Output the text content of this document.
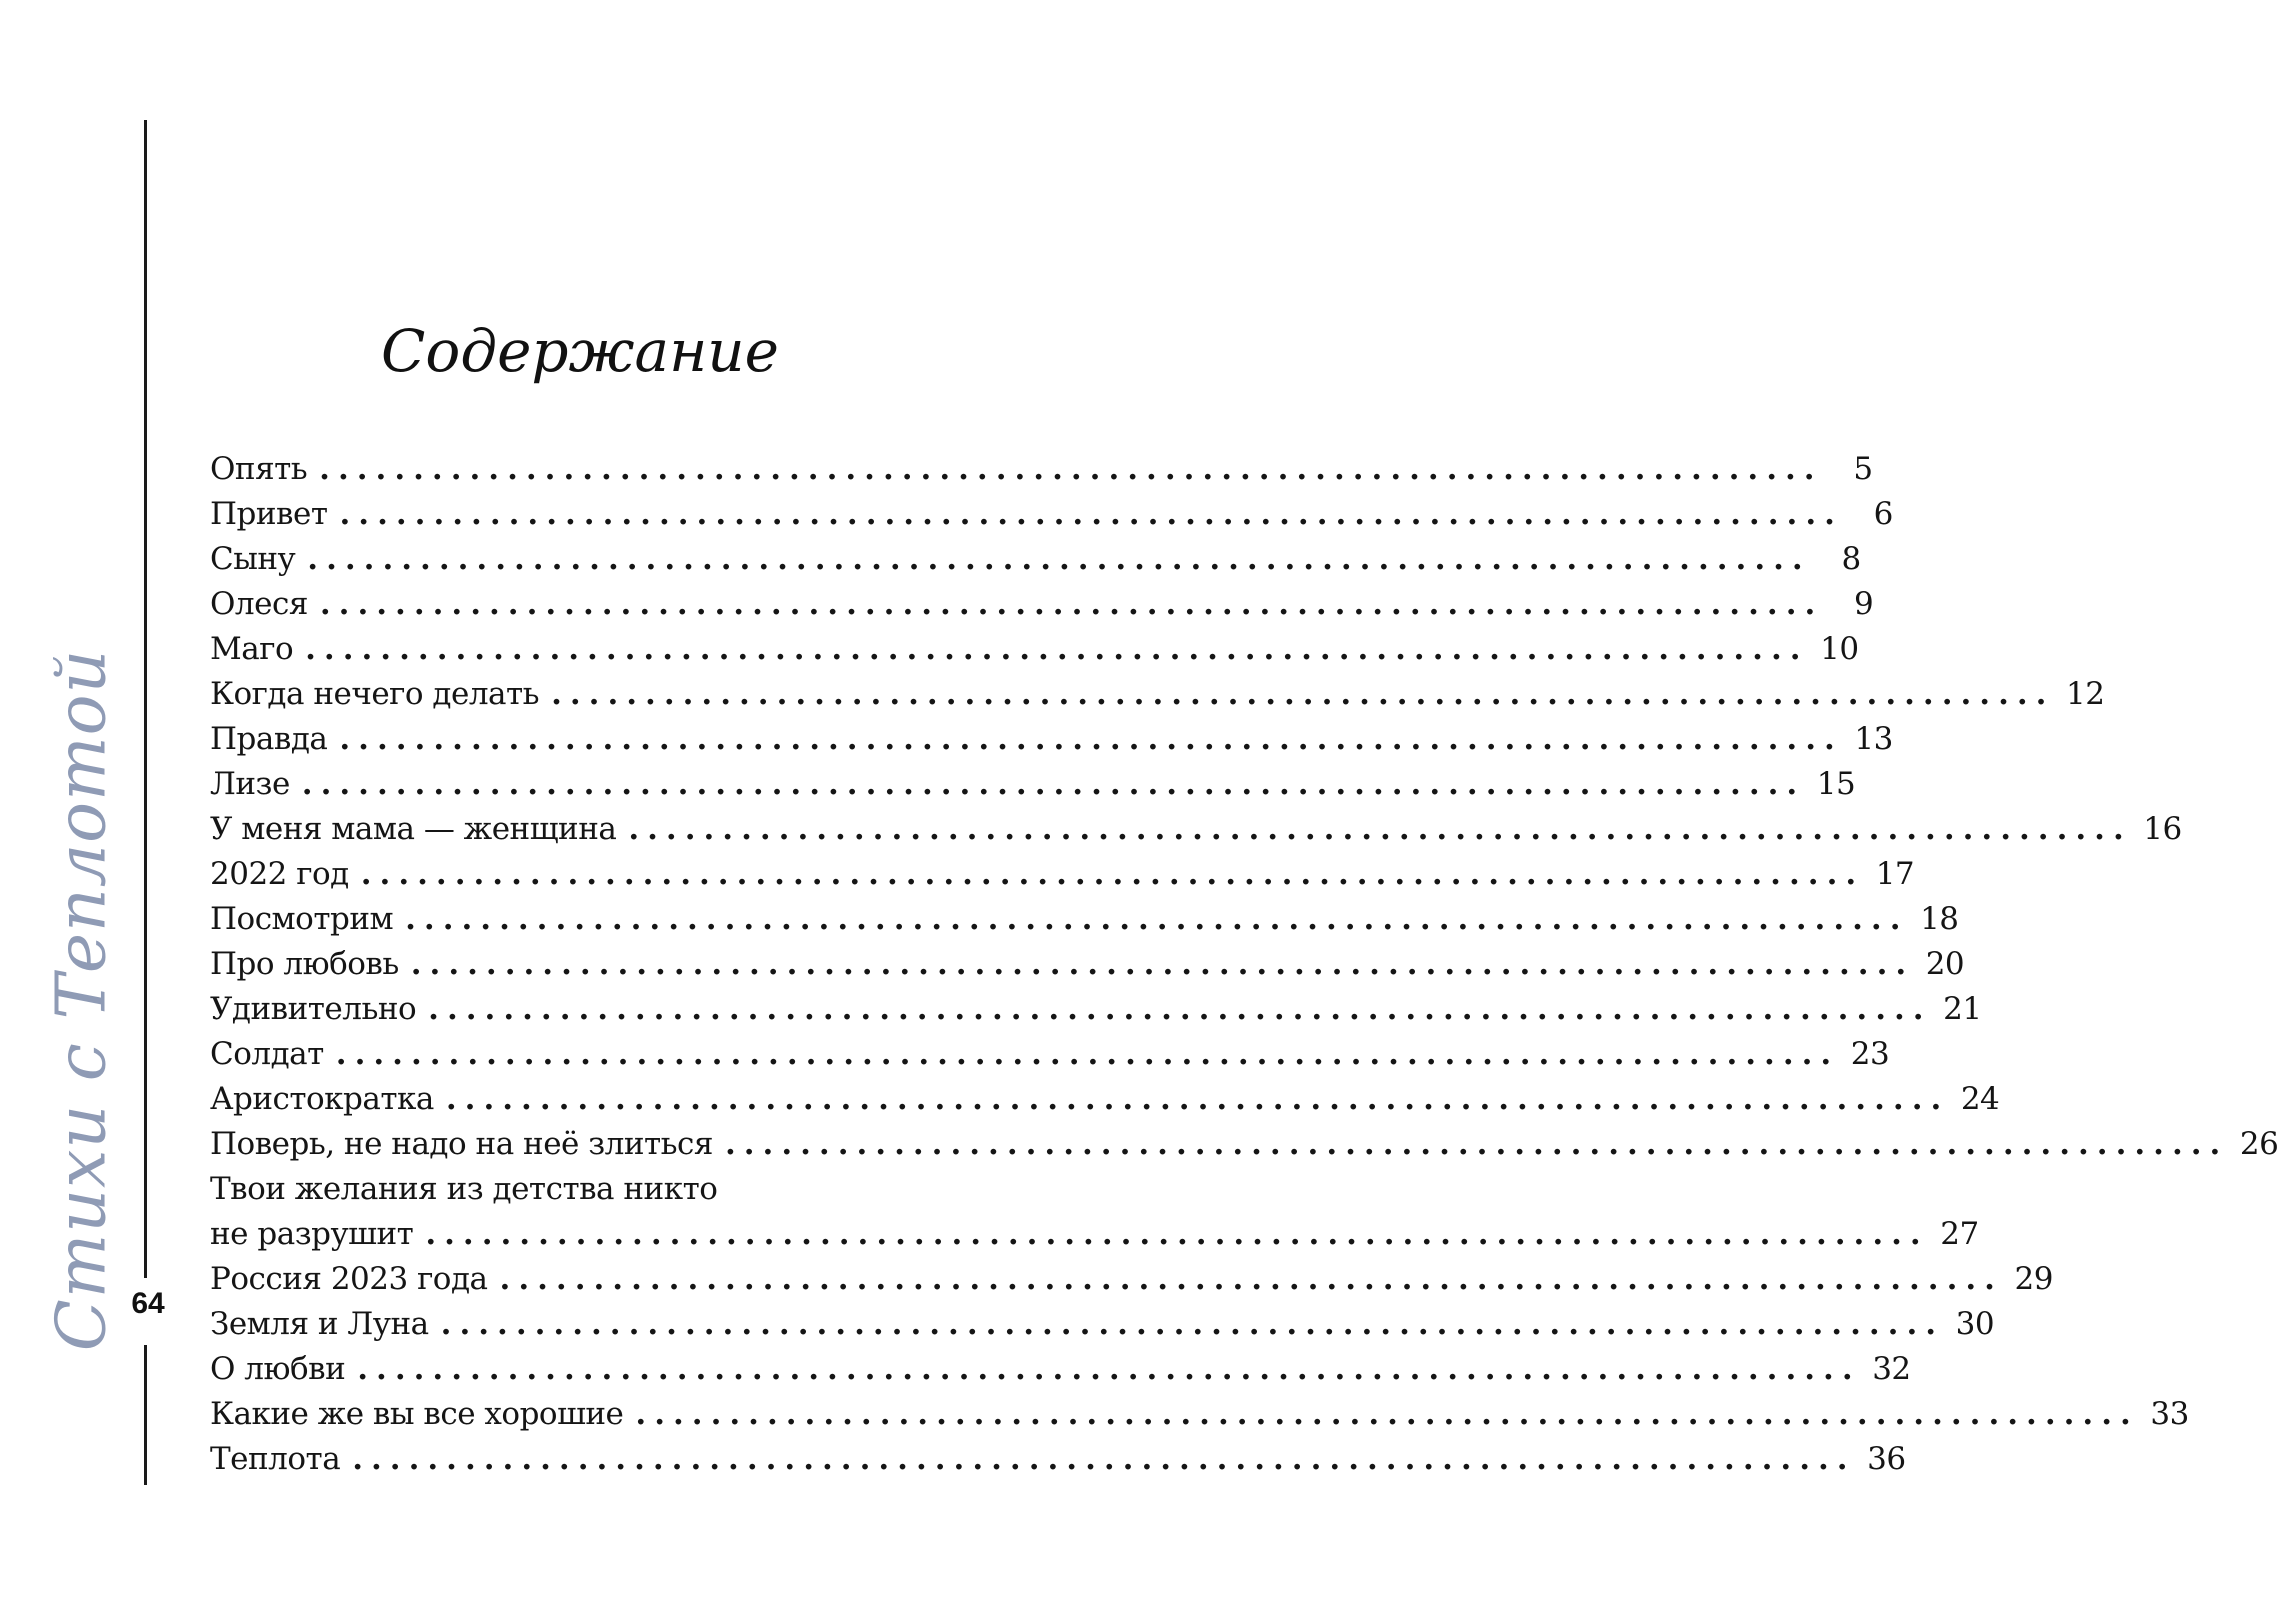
Стихи с Теплотой 64
Содержание
Опять ................................................................................ 5
Привет ................................................................................ 6
Сыну ................................................................................ 8
Олеся ................................................................................ 9
Маго ................................................................................ 10
Когда нечего делать ................................................................................ 12
Правда ................................................................................ 13
Лизе ................................................................................ 15
У меня мама — женщина ................................................................................ 16
2022 год ................................................................................ 17
Посмотрим ................................................................................ 18
Про любовь ................................................................................ 20
Удивительно ................................................................................ 21
Солдат ................................................................................ 23
Аристократка ................................................................................ 24
Поверь, не надо на неё злиться ................................................................................ 26
Твои желания из детства никто
не разрушит ................................................................................ 27
Россия 2023 года ................................................................................ 29
Земля и Луна ................................................................................ 30
О любви ................................................................................ 32
Какие же вы все хорошие ................................................................................ 33
Теплота ................................................................................ 36
